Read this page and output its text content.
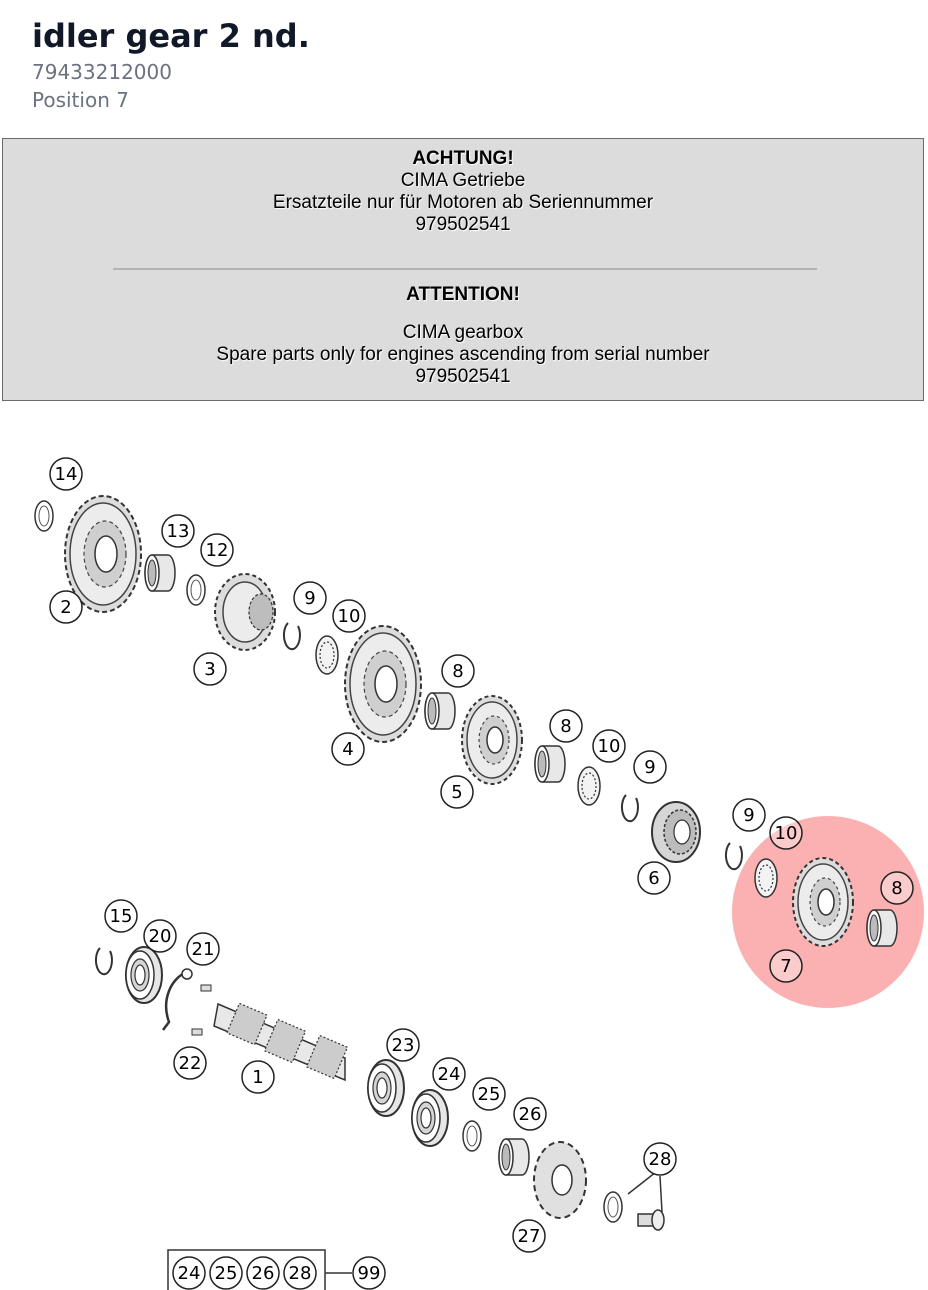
idler gear 2 nd.
79433212000
Position 7
ACHTUNG!
CIMA Getriebe
Ersatzteile nur für Motoren ab Seriennummer
979502541
ATTENTION!
CIMA gearbox
Spare parts only for engines ascending from serial number
979502541
14
2
13
12
3
9
10
4
8
5
8
10
9
6
9
10
8
7
15
20
21
22
1
23
24
25
26
27
28
24 25 26 28	99
